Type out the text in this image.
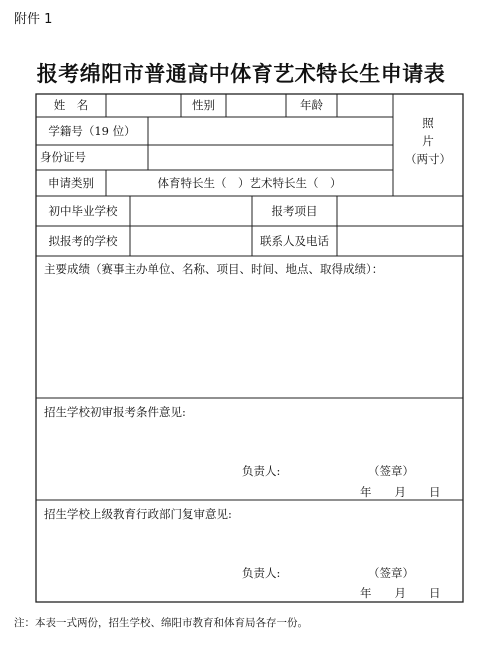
附件 1
报考绵阳市普通高中体育艺术特长生申请表
姓　名	性别	年龄
学籍号（19 位）
身份证号
照
片
（两寸）
申请类别	体育特长生（　）艺术特长生（　）
初中毕业学校	报考项目
拟报考的学校	联系人及电话
主要成绩（赛事主办单位、名称、项目、时间、地点、取得成绩）：
招生学校初审报考条件意见:
负责人:	（签章）
年　　月　　日
招生学校上级教育行政部门复审意见:
负责人:	（签章）
年　　月　　日
注：本表一式两份，招生学校、绵阳市教育和体育局各存一份。
